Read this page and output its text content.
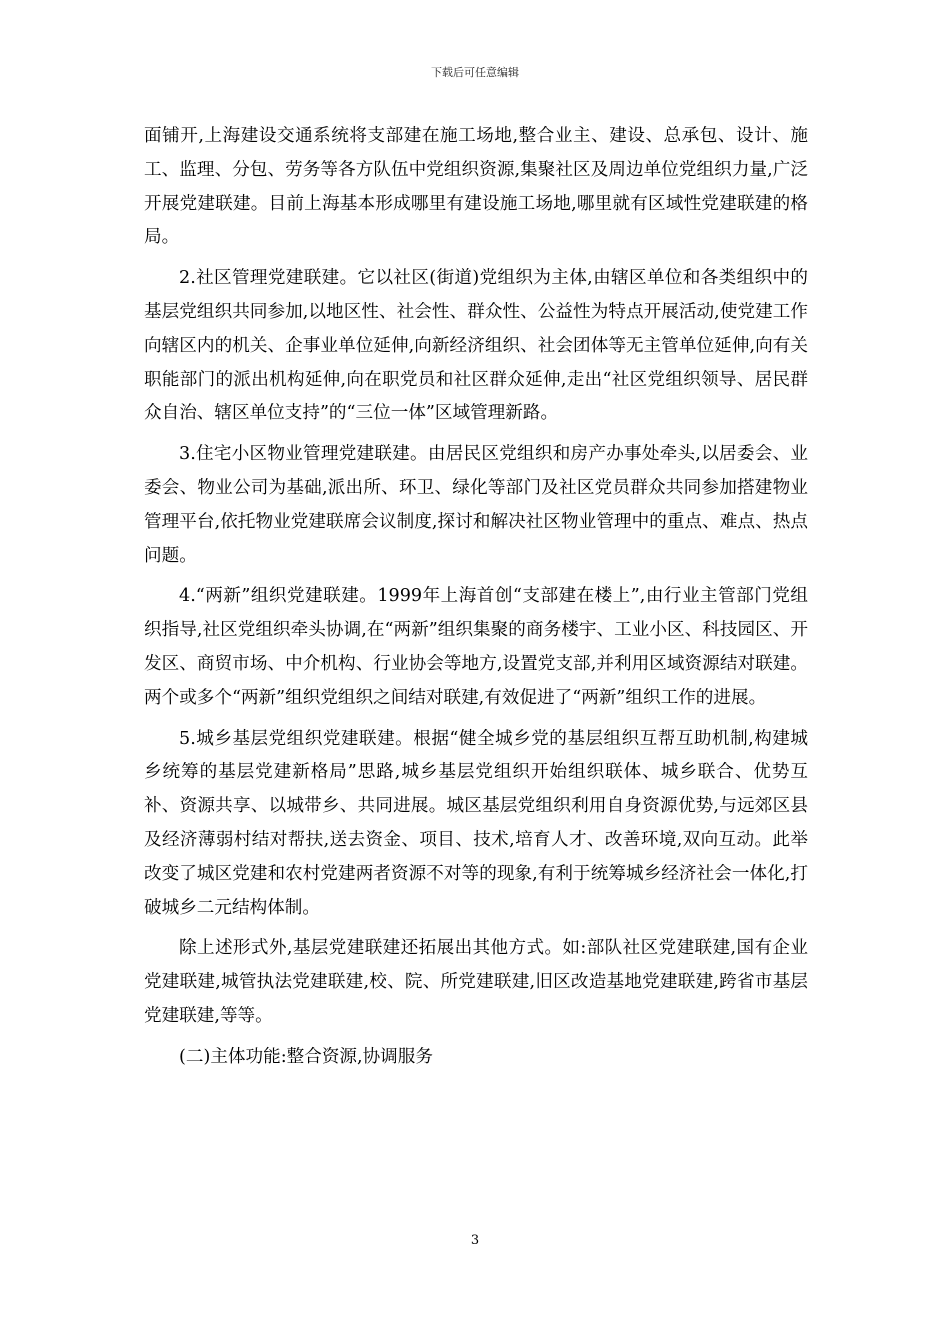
下载后可任意编辑

面铺开,上海建设交通系统将支部建在施工场地,整合业主、建设、总承包、设计、施工、监理、分包、劳务等各方队伍中党组织资源,集聚社区及周边单位党组织力量,广泛开展党建联建。目前上海基本形成哪里有建设施工场地,哪里就有区域性党建联建的格局。

2.社区管理党建联建。它以社区(街道)党组织为主体,由辖区单位和各类组织中的基层党组织共同参加,以地区性、社会性、群众性、公益性为特点开展活动,使党建工作向辖区内的机关、企事业单位延伸,向新经济组织、社会团体等无主管单位延伸,向有关职能部门的派出机构延伸,向在职党员和社区群众延伸,走出“社区党组织领导、居民群众自治、辖区单位支持”的“三位一体”区域管理新路。

3.住宅小区物业管理党建联建。由居民区党组织和房产办事处牵头,以居委会、业委会、物业公司为基础,派出所、环卫、绿化等部门及社区党员群众共同参加搭建物业管理平台,依托物业党建联席会议制度,探讨和解决社区物业管理中的重点、难点、热点问题。

4.“两新”组织党建联建。1999年上海首创“支部建在楼上”,由行业主管部门党组织指导,社区党组织牵头协调,在“两新”组织集聚的商务楼宇、工业小区、科技园区、开发区、商贸市场、中介机构、行业协会等地方,设置党支部,并利用区域资源结对联建。两个或多个“两新”组织党组织之间结对联建,有效促进了“两新”组织工作的进展。

5.城乡基层党组织党建联建。根据“健全城乡党的基层组织互帮互助机制,构建城乡统筹的基层党建新格局”思路,城乡基层党组织开始组织联体、城乡联合、优势互补、资源共享、以城带乡、共同进展。城区基层党组织利用自身资源优势,与远郊区县及经济薄弱村结对帮扶,送去资金、项目、技术,培育人才、改善环境,双向互动。此举改变了城区党建和农村党建两者资源不对等的现象,有利于统筹城乡经济社会一体化,打破城乡二元结构体制。

除上述形式外,基层党建联建还拓展出其他方式。如:部队社区党建联建,国有企业党建联建,城管执法党建联建,校、院、所党建联建,旧区改造基地党建联建,跨省市基层党建联建,等等。

(二)主体功能:整合资源,协调服务

3
